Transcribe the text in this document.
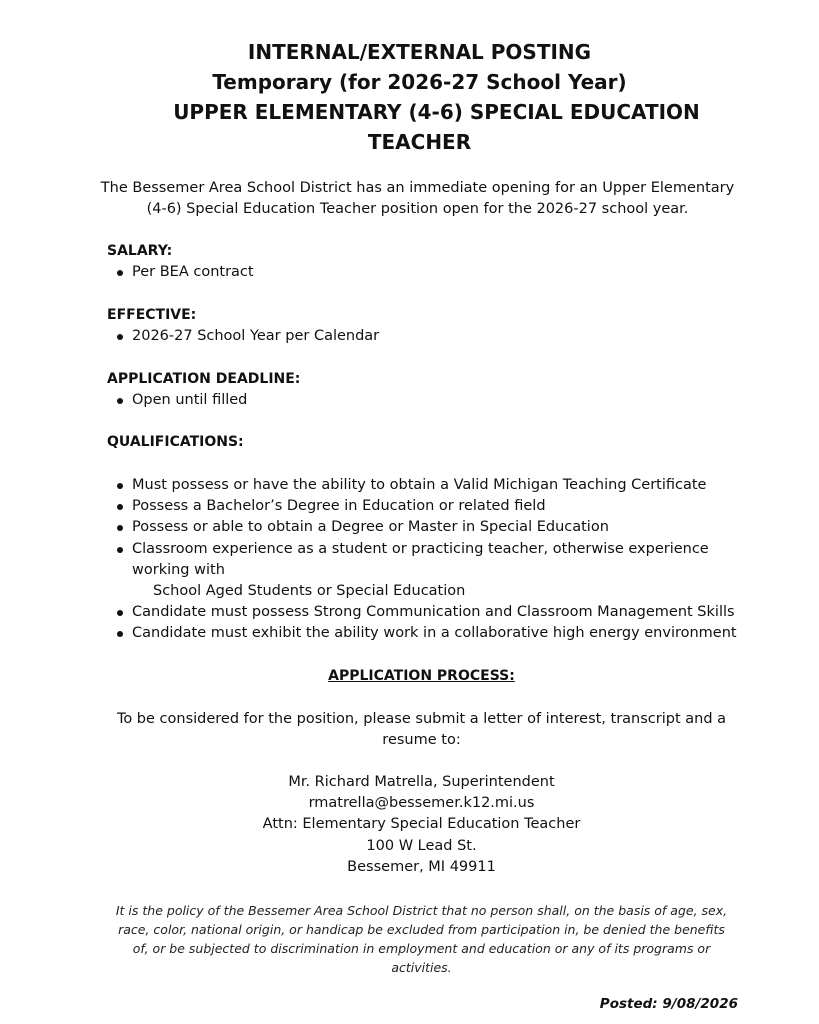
INTERNAL/EXTERNAL POSTING
Temporary (for 2026-27 School Year)
UPPER ELEMENTARY (4-6) SPECIAL EDUCATION
TEACHER
The Bessemer Area School District has an immediate opening for an Upper Elementary
(4-6) Special Education Teacher position open for the 2026-27 school year.
SALARY:
Per BEA contract
EFFECTIVE:
2026-27 School Year per Calendar
APPLICATION DEADLINE:
Open until filled
QUALIFICATIONS:
Must possess or have the ability to obtain a Valid Michigan Teaching Certificate
Possess a Bachelor’s Degree in Education or related field
Possess or able to obtain a Degree or Master in Special Education
Classroom experience as a student or practicing teacher, otherwise experience
working with
School Aged Students or Special Education
Candidate must possess Strong Communication and Classroom Management Skills
Candidate must exhibit the ability work in a collaborative high energy environment
APPLICATION PROCESS:
To be considered for the position, please submit a letter of interest, transcript and a
resume to:
Mr. Richard Matrella, Superintendent
rmatrella@bessemer.k12.mi.us
Attn: Elementary Special Education Teacher
100 W Lead St.
Bessemer, MI 49911
It is the policy of the Bessemer Area School District that no person shall, on the basis of age, sex,
race, color, national origin, or handicap be excluded from participation in, be denied the benefits
of, or be subjected to discrimination in employment and education or any of its programs or
activities.
Posted: 9/08/2026
